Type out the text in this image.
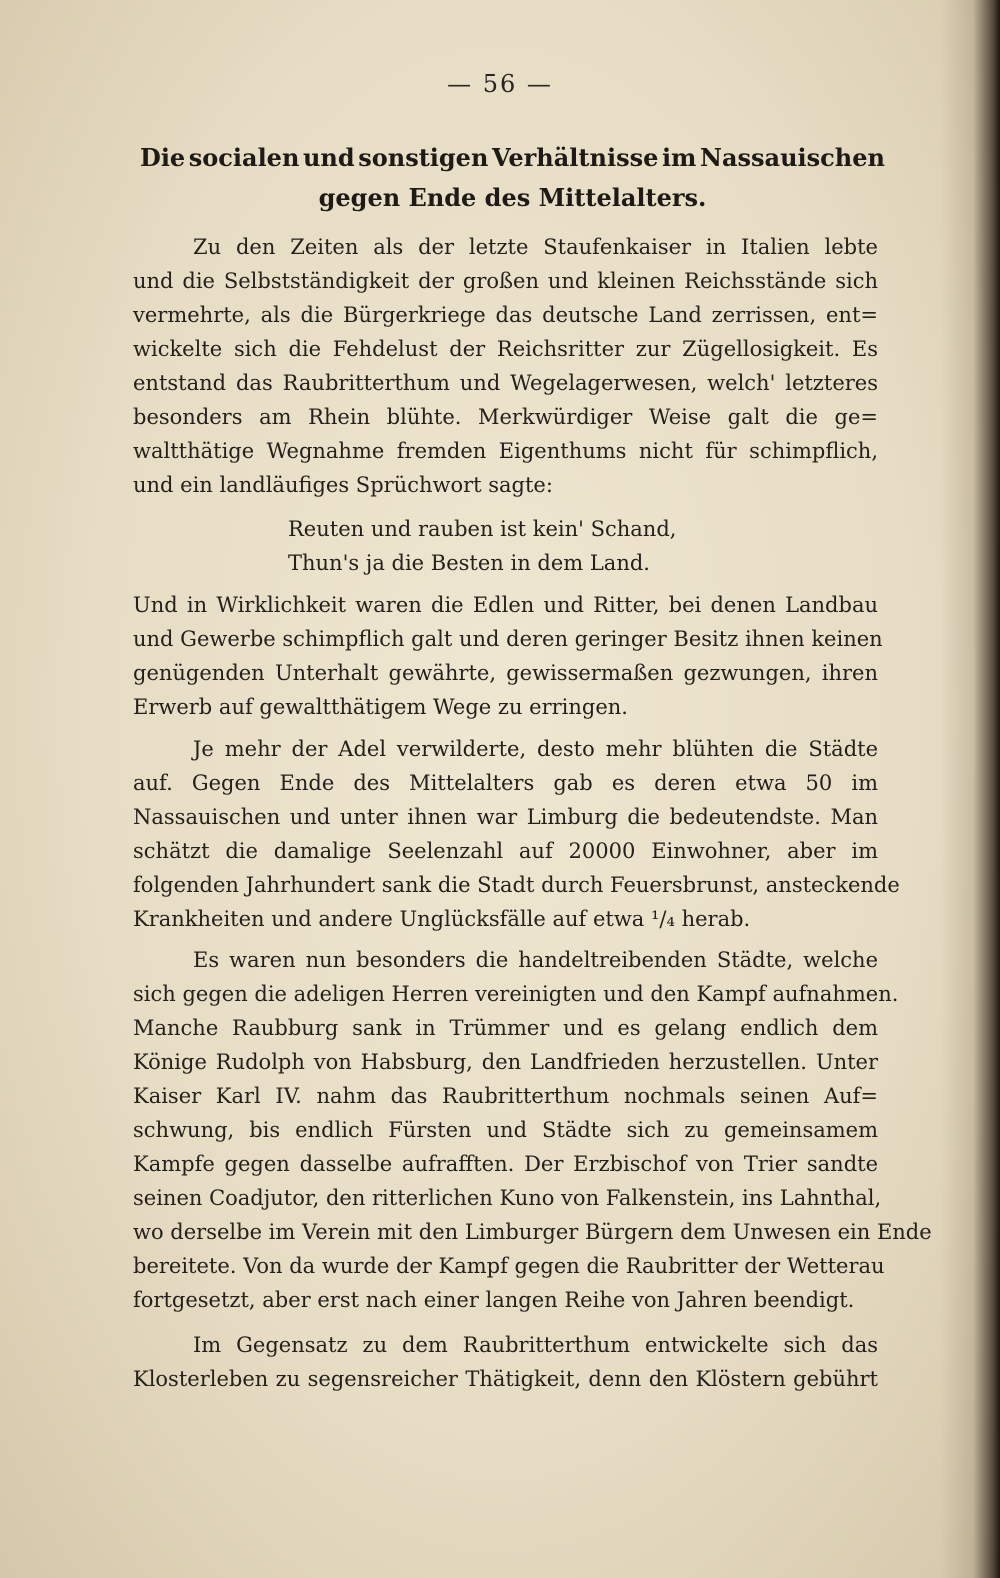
— 56 —
Die socialen und sonstigen Verhältnisse im Nassauischen
gegen Ende des Mittelalters.
Zu den Zeiten als der letzte Staufenkaiser in Italien lebte
und die Selbstständigkeit der großen und kleinen Reichsstände sich
vermehrte, als die Bürgerkriege das deutsche Land zerrissen, ent=
wickelte sich die Fehdelust der Reichsritter zur Zügellosigkeit. Es
entstand das Raubritterthum und Wegelagerwesen, welch' letzteres
besonders am Rhein blühte. Merkwürdiger Weise galt die ge=
waltthätige Wegnahme fremden Eigenthums nicht für schimpflich,
und ein landläufiges Sprüchwort sagte:
Reuten und rauben ist kein' Schand,
Thun's ja die Besten in dem Land.
Und in Wirklichkeit waren die Edlen und Ritter, bei denen Landbau
und Gewerbe schimpflich galt und deren geringer Besitz ihnen keinen
genügenden Unterhalt gewährte, gewissermaßen gezwungen, ihren
Erwerb auf gewaltthätigem Wege zu erringen.
Je mehr der Adel verwilderte, desto mehr blühten die Städte
auf. Gegen Ende des Mittelalters gab es deren etwa 50 im
Nassauischen und unter ihnen war Limburg die bedeutendste. Man
schätzt die damalige Seelenzahl auf 20000 Einwohner, aber im
folgenden Jahrhundert sank die Stadt durch Feuersbrunst, ansteckende
Krankheiten und andere Unglücksfälle auf etwa ¹/₄ herab.
Es waren nun besonders die handeltreibenden Städte, welche
sich gegen die adeligen Herren vereinigten und den Kampf aufnahmen.
Manche Raubburg sank in Trümmer und es gelang endlich dem
Könige Rudolph von Habsburg, den Landfrieden herzustellen. Unter
Kaiser Karl IV. nahm das Raubritterthum nochmals seinen Auf=
schwung, bis endlich Fürsten und Städte sich zu gemeinsamem
Kampfe gegen dasselbe aufrafften. Der Erzbischof von Trier sandte
seinen Coadjutor, den ritterlichen Kuno von Falkenstein, ins Lahnthal,
wo derselbe im Verein mit den Limburger Bürgern dem Unwesen ein Ende
bereitete. Von da wurde der Kampf gegen die Raubritter der Wetterau
fortgesetzt, aber erst nach einer langen Reihe von Jahren beendigt.
Im Gegensatz zu dem Raubritterthum entwickelte sich das
Klosterleben zu segensreicher Thätigkeit, denn den Klöstern gebührt
